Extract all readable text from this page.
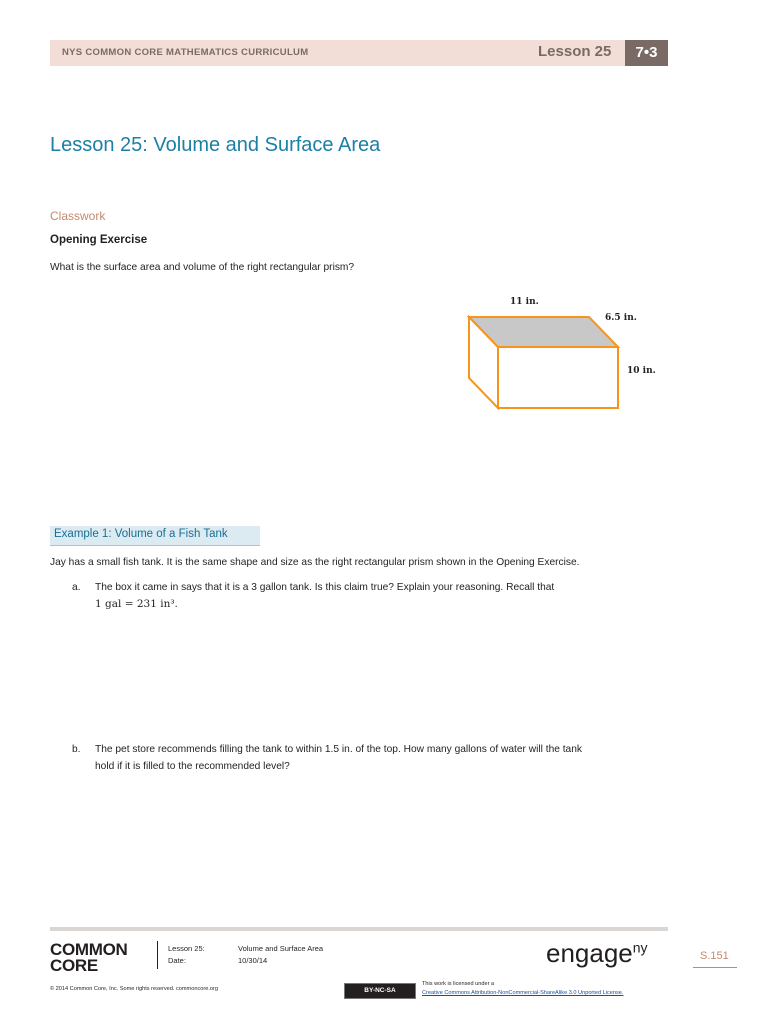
NYS COMMON CORE MATHEMATICS CURRICULUM	Lesson 25	7•3
Lesson 25: Volume and Surface Area
Classwork
Opening Exercise
What is the surface area and volume of the right rectangular prism?
11 in.
6.5 in.
10 in.
Example 1: Volume of a Fish Tank
Jay has a small fish tank. It is the same shape and size as the right rectangular prism shown in the Opening Exercise.
a. The box it came in says that it is a 3 gallon tank. Is this claim true? Explain your reasoning. Recall that
1 gal = 231 in³.
b. The pet store recommends filling the tank to within 1.5 in. of the top. How many gallons of water will the tank
hold if it is filled to the recommended level?
COMMON
CORE
Lesson 25:	Volume and Surface Area
Date:	10/30/14	engage$^{ny}$
S.151
© 2014 Common Core, Inc. Some rights reserved. commoncore.org	BY-NC-SA
This work is licensed under a
Creative Commons Attribution-NonCommercial-ShareAlike 3.0 Unported License.
